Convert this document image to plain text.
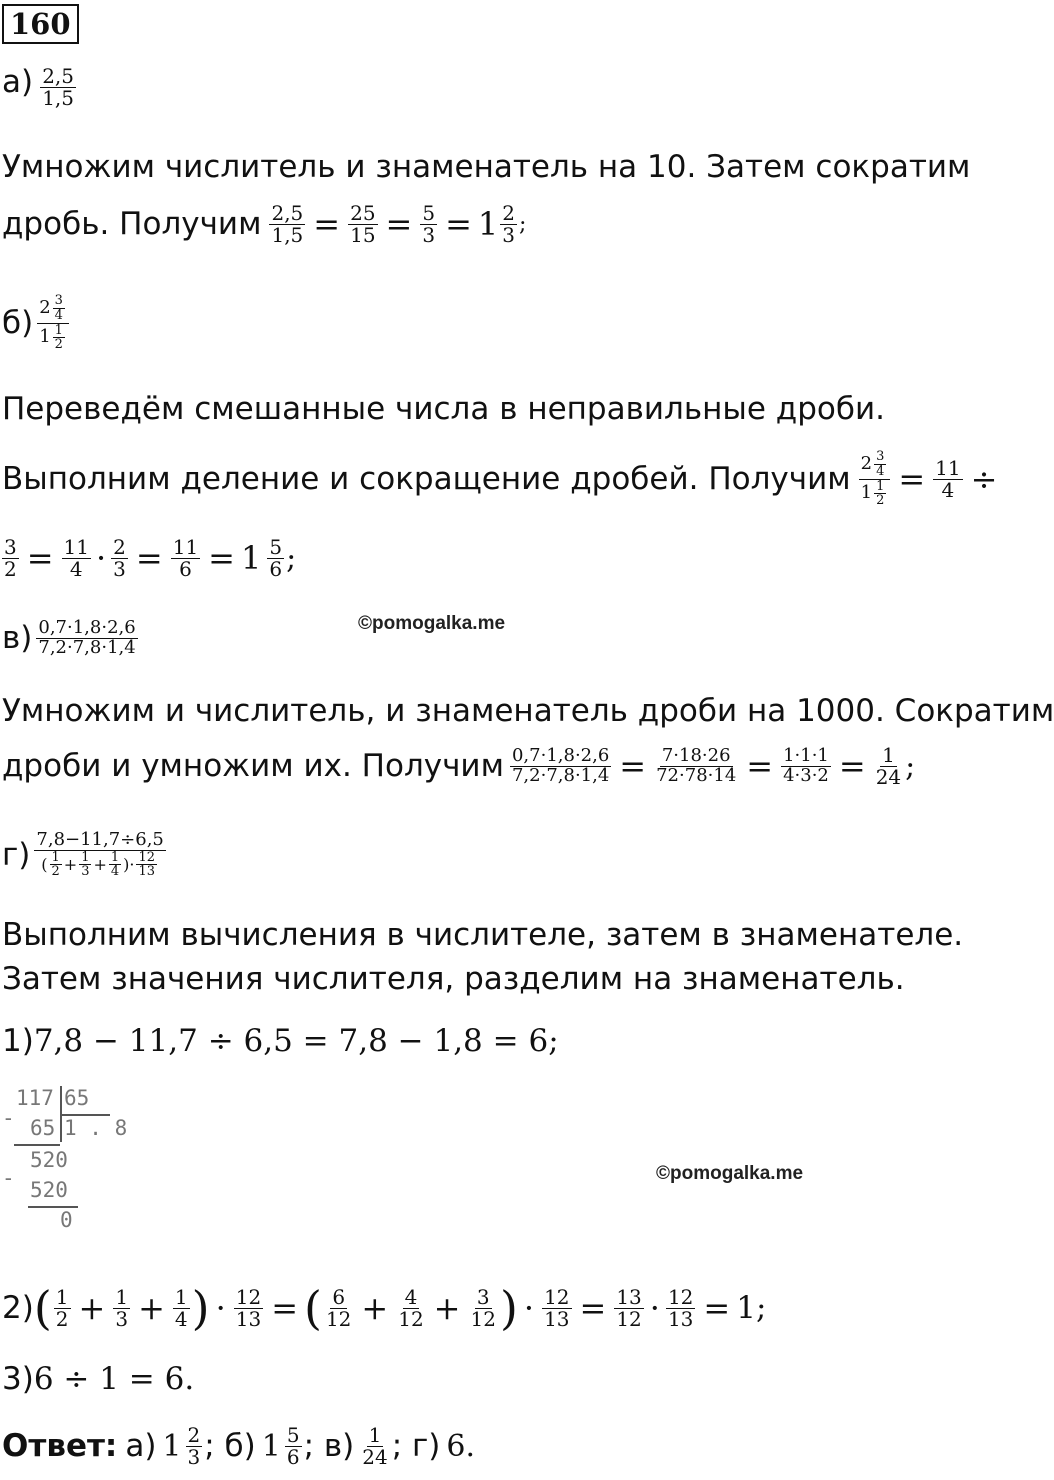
160
$а) \frac{2,5}{1,5}$
Умножим числитель и знаменатель на 10. Затем сократим
дробь. Получим $\frac{2,5}{1,5} = \frac{25}{15} = \frac{5}{3} = 1$ 2
3 ;
б) 2 3
4
1 1
2
Переведём смешанные числа в неправильные дроби.
Выполним деление и сокращение дробей. Получим 2 3
4
1 1
$2 = \frac{11}{4}$ ÷
$\frac{3}{2} = \frac{11}{4} \cdot \frac{2}{3} = \frac{11}{6} = 1$ 5
6 ;
в) 0,7·1,8·2,6
7,2·7,8·1,4
©pomogalka.me
Умножим и числитель, и знаменатель дроби на 1000. Сократим
дроби и умножим их. Получим $\frac{0,7\cdot 1,8\cdot 2,6}{7,2\cdot 7,8\cdot 1,4} = \frac{7\cdot 18\cdot 26}{72\cdot 78\cdot 14} = \frac{1\cdot 1\cdot 1}{4\cdot 3\cdot 2} = \frac{1}{24}$ ;
г) 7,8−11,7÷6,5
( 1
$2 + \frac{1}{3} + \frac{1}{4}$ )· 12
13
Выполним вычисления в числителе, затем в знаменателе.
Затем значения числителя, разделим на знаменатель.
1)7,8 − 11,7 ÷ 6,5 = 7,8 − 1,8 = 6;
-
117 65
65 1 . 8
-
520
520
0
©pomogalka.me
2) ( 1
$2 + \frac{1}{3} + \frac{1}{4}$ ) · $\frac{12}{13}$ = ( 6
$12 + \frac{4}{12} + \frac{3}{12}$ ) · $\frac{12}{13} = \frac{13}{12} \cdot \frac{12}{13} = 1$;
3)6 ÷ 1 = 6.
Ответ: а) 1 2
3 ; б) 1 5
6 ; в) 1
24 ; г) 6.
